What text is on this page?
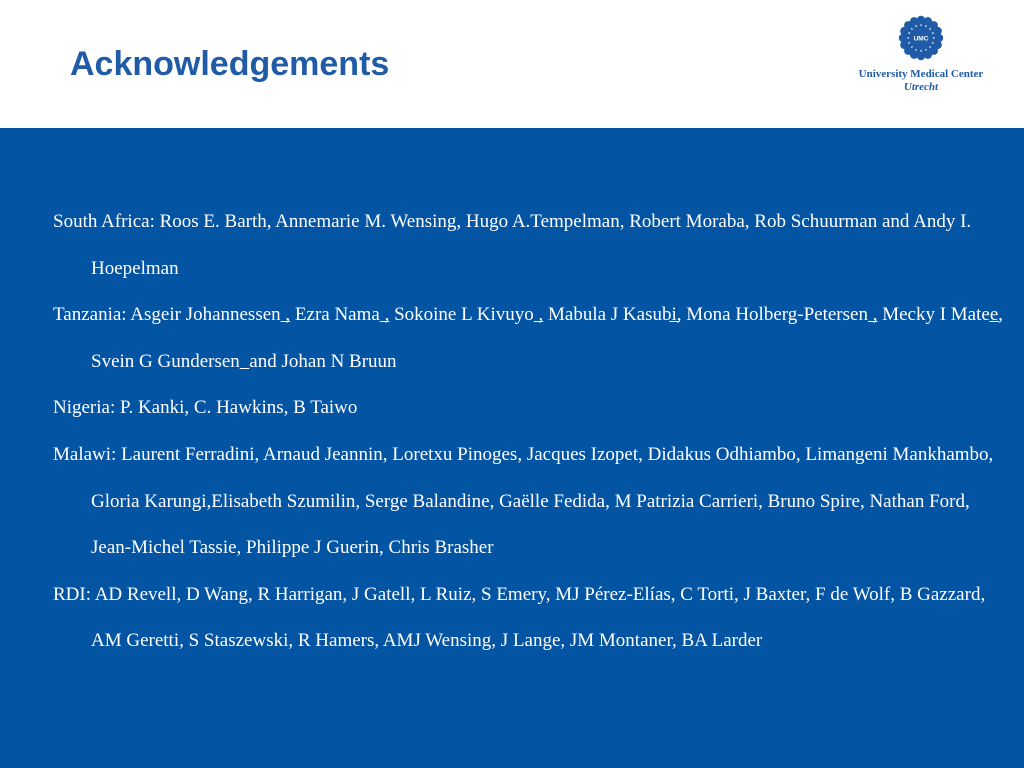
Acknowledgements
UMC
University Medical Center
Utrecht
South Africa: Roos E. Barth, Annemarie M. Wensing, Hugo A.Tempelman, Robert Moraba, Rob Schuurman and Andy I. Hoepelman
Tanzania: Asgeir Johannessen ̲, Ezra Nama ̲, Sokoine L Kivuyo ̲, Mabula J Kasubi̲, Mona Holberg-Petersen ̲, Mecky I Matee̲, Svein G Gundersen ̲ and Johan N Bruun
Nigeria: P. Kanki, C. Hawkins, B Taiwo
Malawi: Laurent Ferradini, Arnaud Jeannin, Loretxu Pinoges, Jacques Izopet, Didakus Odhiambo, Limangeni Mankhambo, Gloria Karungi,Elisabeth Szumilin, Serge Balandine, Gaëlle Fedida, M Patrizia Carrieri, Bruno Spire, Nathan Ford, Jean-Michel Tassie, Philippe J Guerin, Chris Brasher
RDI: AD Revell, D Wang, R Harrigan, J Gatell, L Ruiz, S Emery, MJ Pérez-Elías, C Torti, J Baxter, F de Wolf, B Gazzard, AM Geretti, S Staszewski, R Hamers, AMJ Wensing, J Lange, JM Montaner, BA Larder
